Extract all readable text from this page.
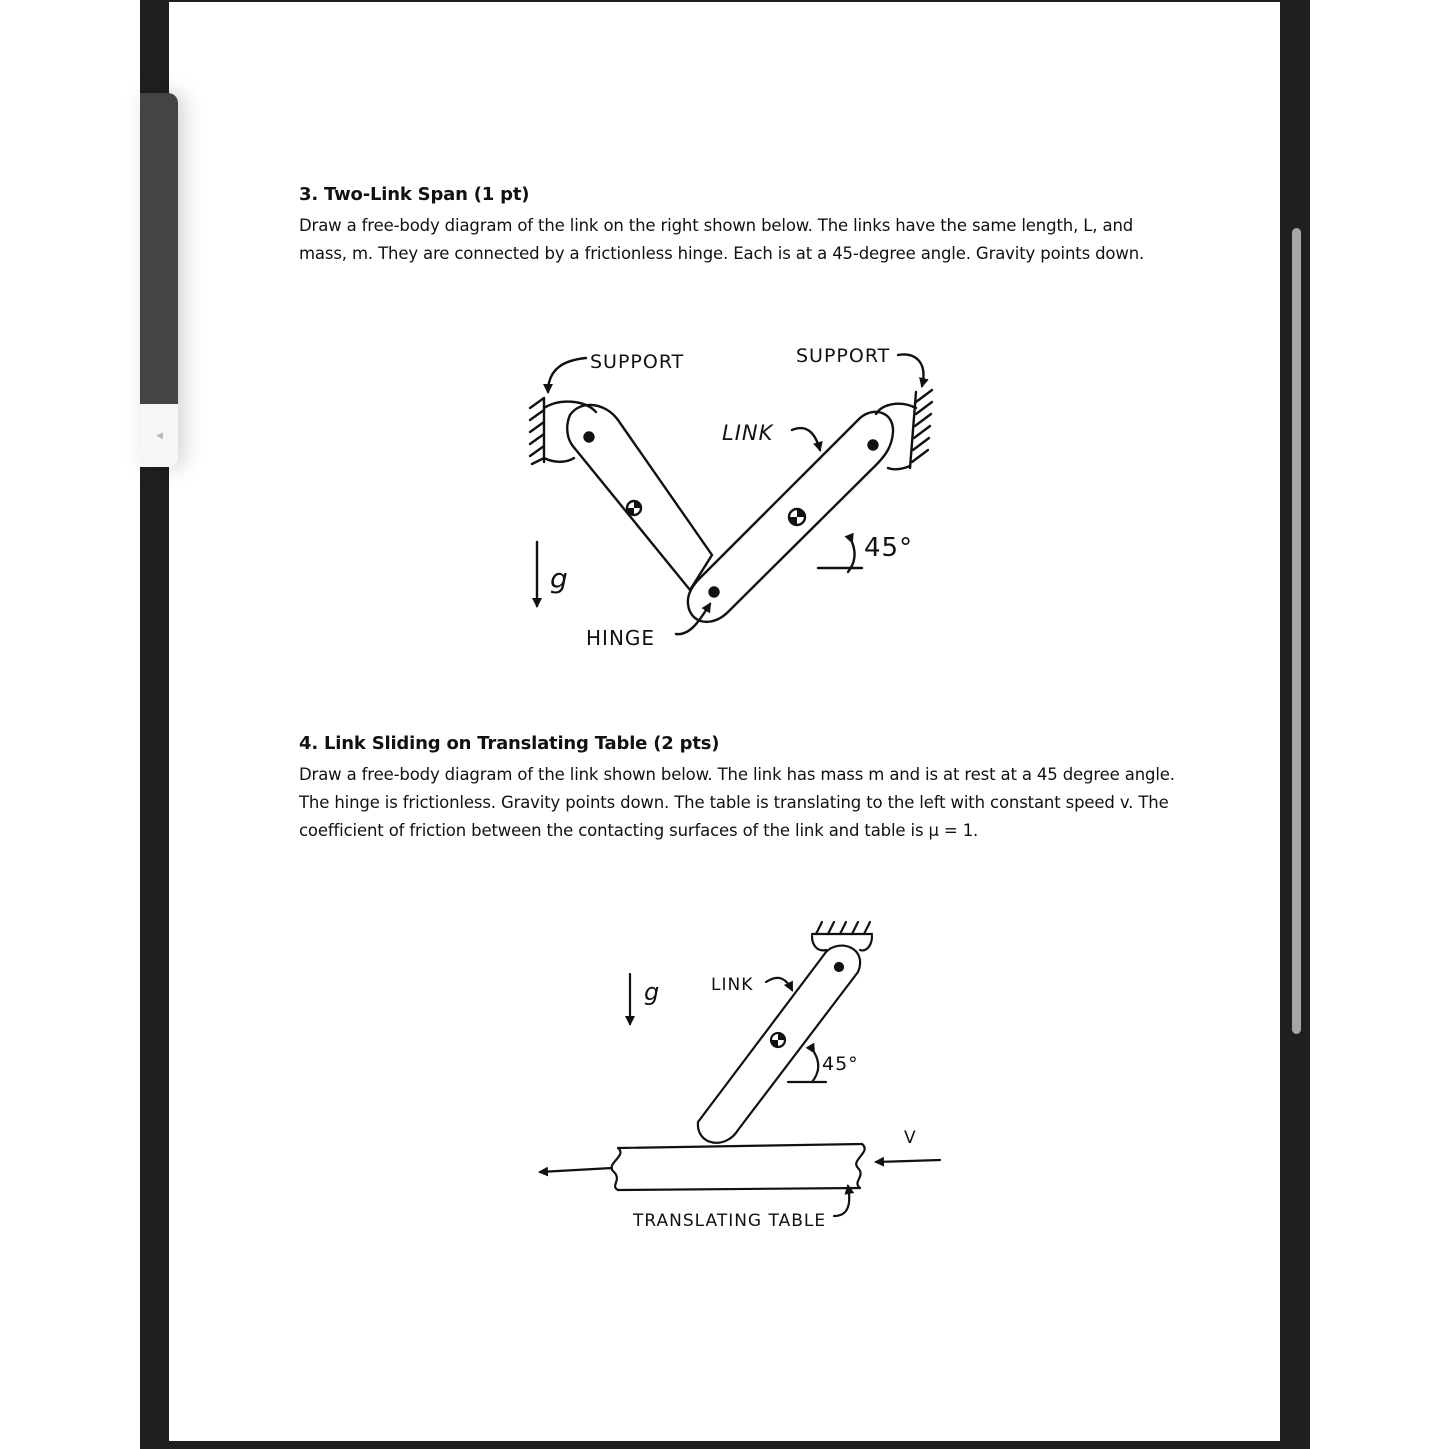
◀
3. Two-Link Span (1 pt)
Draw a free-body diagram of the link on the right shown below. The links have the same length, L, and
mass, m. They are connected by a frictionless hinge. Each is at a 45-degree angle. Gravity points down.
4. Link Sliding on Translating Table (2 pts)
Draw a free-body diagram of the link shown below. The link has mass m and is at rest at a 45 degree angle.
The hinge is frictionless. Gravity points down. The table is translating to the left with constant speed v. The
coefficient of friction between the contacting surfaces of the link and table is μ = 1.
SUPPORT	SUPPORT
LINK
45°
g
HINGE
g	LINK
45°
V
TRANSLATING TABLE
